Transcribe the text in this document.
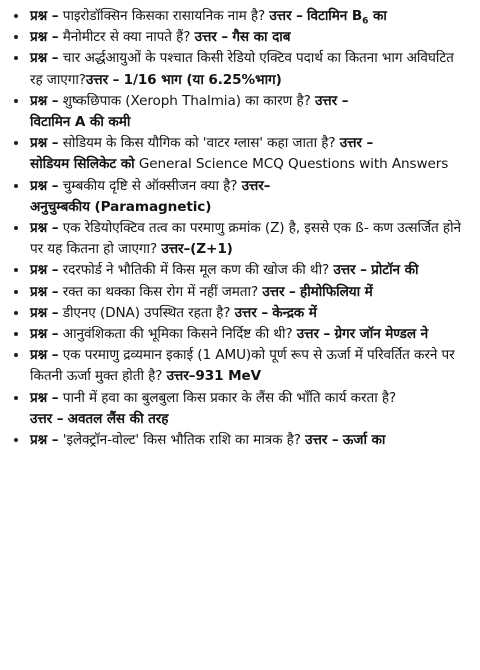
प्रश्न – पाइरोडॉक्सिन किसका रासायनिक नाम है? उत्तर – विटामिन $B_6$ का
प्रश्न – मैनोमीटर से क्या नापते हैं? उत्तर – गैस का दाब
प्रश्न – चार अर्द्धआयुओं के पश्चात किसी रेडियो एक्टिव पदार्थ का कितना भाग अविघटित रह जाएगा?उत्तर – 1/16 भाग (या 6.25%भाग)
प्रश्न – शुष्कछिपाक (Xeroph Thalmia) का कारण है? उत्तर –
विटामिन A की कमी
प्रश्न – सोडियम के किस यौगिक को 'वाटर ग्लास' कहा जाता है? उत्तर –
सोडियम सिलिकेट को General Science MCQ Questions with Answers
प्रश्न – चुम्बकीय दृष्टि से ऑक्सीजन क्या है? उत्तर–
अनुचुम्बकीय (Paramagnetic)
प्रश्न – एक रेडियोएक्टिव तत्व का परमाणु क्रमांक (Z) है, इससे एक ß- कण उत्सर्जित होने पर यह कितना हो जाएगा? उत्तर–(Z+1)
प्रश्न – रदरफोर्ड ने भौतिकी में किस मूल कण की खोज की थी? उत्तर – प्रोटॉन की
प्रश्न – रक्त का थक्का किस रोग में नहीं जमता? उत्तर – हीमोफिलिया में
प्रश्न – डीएनए (DNA) उपस्थित रहता है? उत्तर – केन्द्रक में
प्रश्न – आनुवंशिकता की भूमिका किसने निर्दिष्ट की थी? उत्तर – ग्रेगर जॉन मेण्डल ने
प्रश्न – एक परमाणु द्रव्यमान इकाई (1 AMU)को पूर्ण रूप से ऊर्जा में परिवर्तित करने पर कितनी ऊर्जा मुक्त होती है? उत्तर–931 MeV
प्रश्न – पानी में हवा का बुलबुला किस प्रकार के लैंस की भाँति कार्य करता है?
उत्तर – अवतल लैंस की तरह
प्रश्न – 'इलेक्ट्रॉन-वोल्ट' किस भौतिक राशि का मात्रक है? उत्तर – ऊर्जा का
